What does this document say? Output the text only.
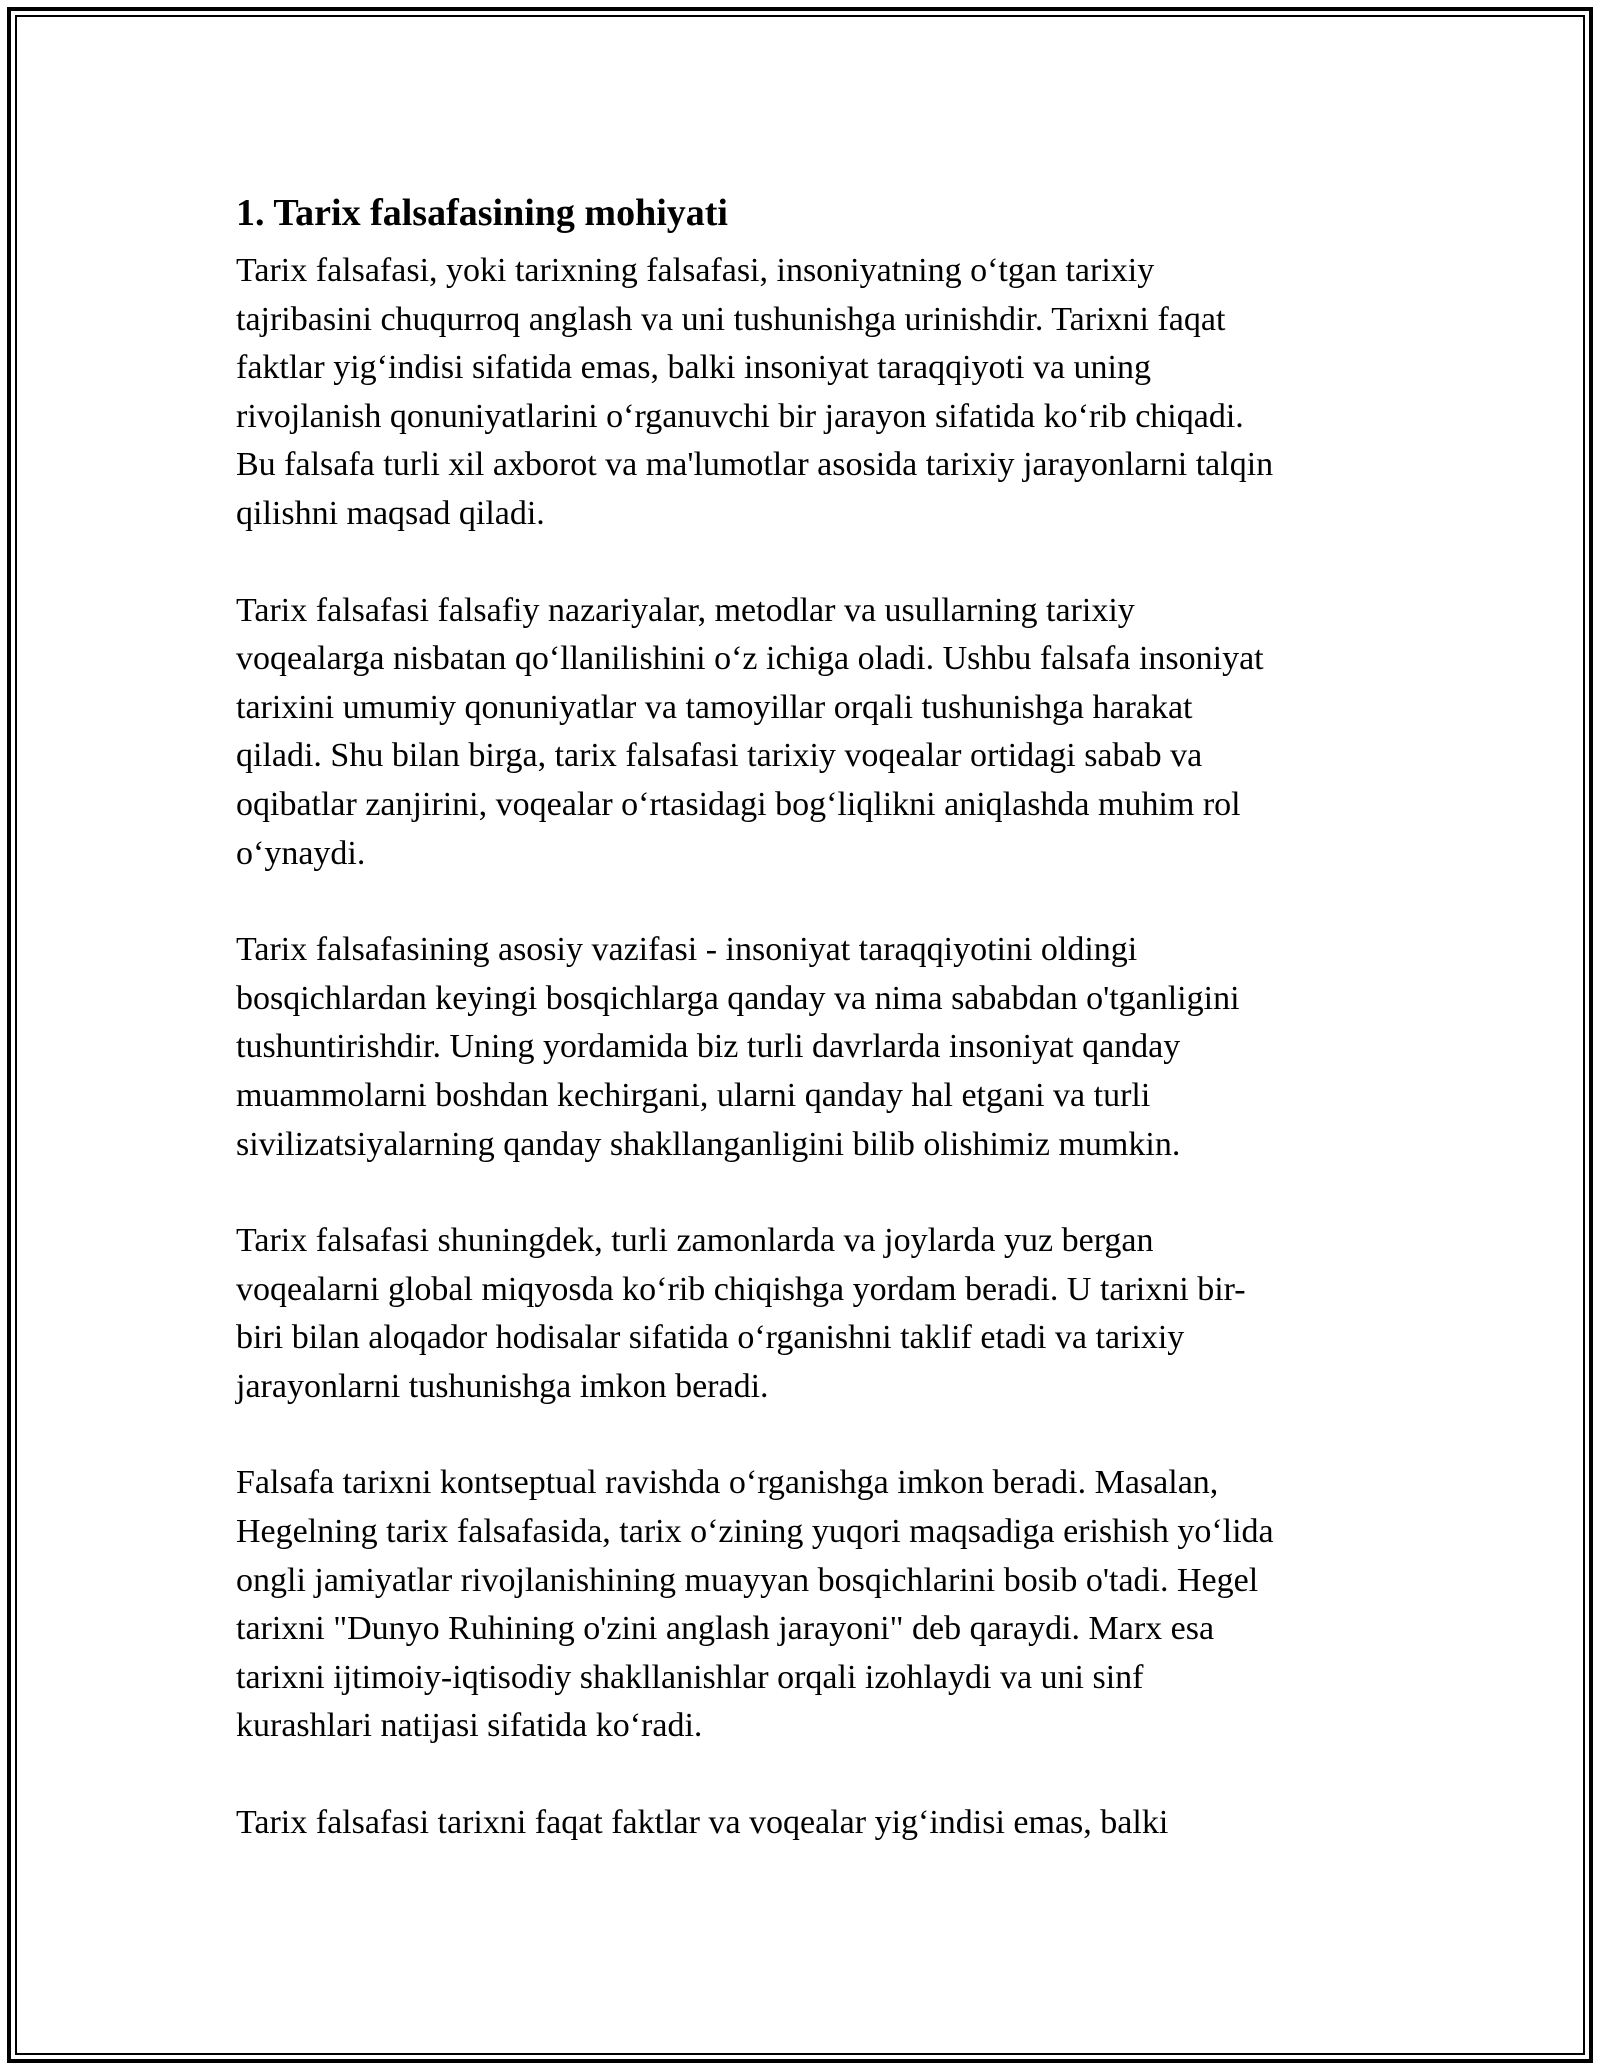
1. Tarix falsafasining mohiyati
Tarix falsafasi, yoki tarixning falsafasi, insoniyatning o‘tgan tarixiy
tajribasini chuqurroq anglash va uni tushunishga urinishdir. Tarixni faqat
faktlar yig‘indisi sifatida emas, balki insoniyat taraqqiyoti va uning
rivojlanish qonuniyatlarini o‘rganuvchi bir jarayon sifatida ko‘rib chiqadi.
Bu falsafa turli xil axborot va ma'lumotlar asosida tarixiy jarayonlarni talqin
qilishni maqsad qiladi.
Tarix falsafasi falsafiy nazariyalar, metodlar va usullarning tarixiy
voqealarga nisbatan qo‘llanilishini o‘z ichiga oladi. Ushbu falsafa insoniyat
tarixini umumiy qonuniyatlar va tamoyillar orqali tushunishga harakat
qiladi. Shu bilan birga, tarix falsafasi tarixiy voqealar ortidagi sabab va
oqibatlar zanjirini, voqealar o‘rtasidagi bog‘liqlikni aniqlashda muhim rol
o‘ynaydi.
Tarix falsafasining asosiy vazifasi - insoniyat taraqqiyotini oldingi
bosqichlardan keyingi bosqichlarga qanday va nima sababdan o'tganligini
tushuntirishdir. Uning yordamida biz turli davrlarda insoniyat qanday
muammolarni boshdan kechirgani, ularni qanday hal etgani va turli
sivilizatsiyalarning qanday shakllanganligini bilib olishimiz mumkin.
Tarix falsafasi shuningdek, turli zamonlarda va joylarda yuz bergan
voqealarni global miqyosda ko‘rib chiqishga yordam beradi. U tarixni bir-
biri bilan aloqador hodisalar sifatida o‘rganishni taklif etadi va tarixiy
jarayonlarni tushunishga imkon beradi.
Falsafa tarixni kontseptual ravishda o‘rganishga imkon beradi. Masalan,
Hegelning tarix falsafasida, tarix o‘zining yuqori maqsadiga erishish yo‘lida
ongli jamiyatlar rivojlanishining muayyan bosqichlarini bosib o'tadi. Hegel
tarixni "Dunyo Ruhining o'zini anglash jarayoni" deb qaraydi. Marx esa
tarixni ijtimoiy-iqtisodiy shakllanishlar orqali izohlaydi va uni sinf
kurashlari natijasi sifatida ko‘radi.
Tarix falsafasi tarixni faqat faktlar va voqealar yig‘indisi emas, balki
